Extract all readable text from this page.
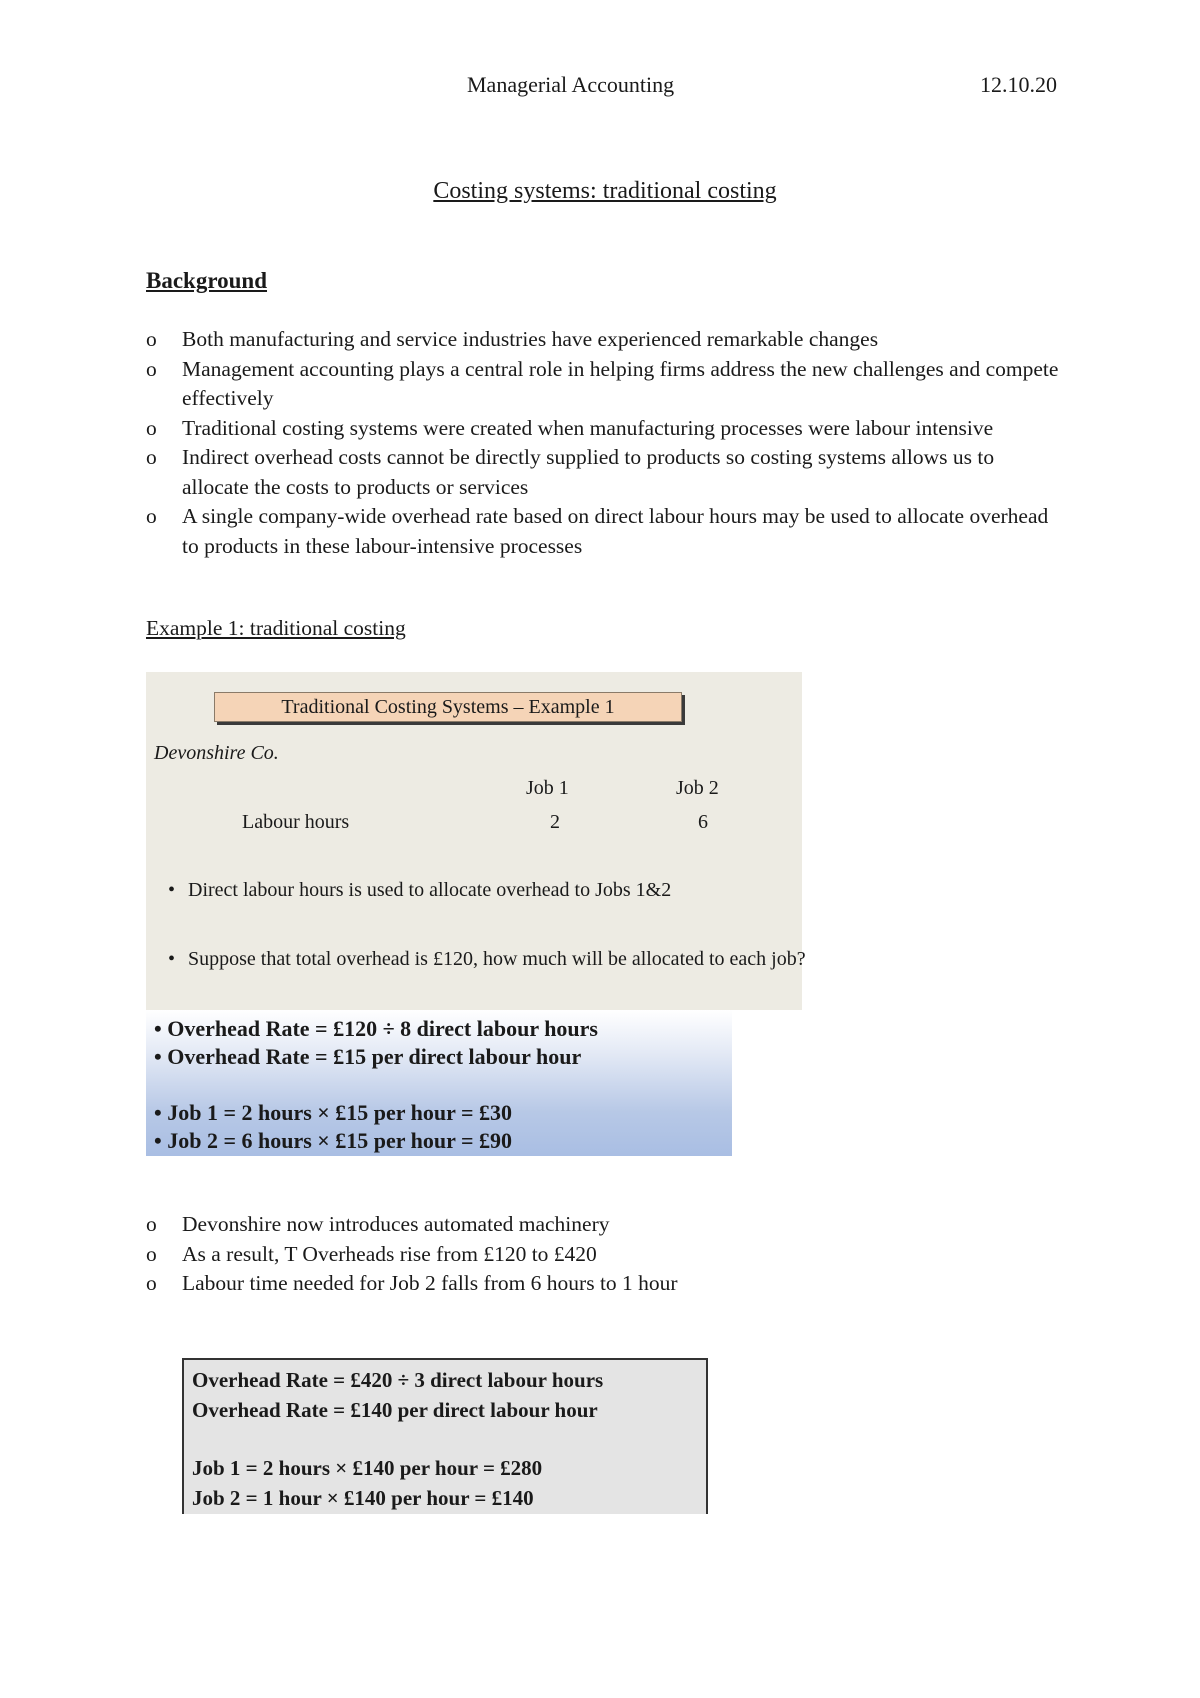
Managerial Accounting	12.10.20
Costing systems: traditional costing
Background
o Both manufacturing and service industries have experienced remarkable changes
o Management accounting plays a central role in helping firms address the new challenges and compete effectively
o Traditional costing systems were created when manufacturing processes were labour intensive
o Indirect overhead costs cannot be directly supplied to products so costing systems allows us to allocate the costs to products or services
o A single company-wide overhead rate based on direct labour hours may be used to allocate overhead to products in these labour-intensive processes
Example 1: traditional costing
Traditional Costing Systems – Example 1
Devonshire Co.
Job 1	Job 2
Labour hours	2	6
• Direct labour hours is used to allocate overhead to Jobs 1&2
• Suppose that total overhead is £120, how much will be allocated to each job?
• Overhead Rate = £120 ÷ 8 direct labour hours
• Overhead Rate = £15 per direct labour hour
• Job 1 = 2 hours × £15 per hour = £30
• Job 2 = 6 hours × £15 per hour = £90
o Devonshire now introduces automated machinery
o As a result, T Overheads rise from £120 to £420
o Labour time needed for Job 2 falls from 6 hours to 1 hour
Overhead Rate = £420 ÷ 3 direct labour hours
Overhead Rate = £140 per direct labour hour
Job 1 = 2 hours × £140 per hour = £280
Job 2 = 1 hour × £140 per hour = £140
